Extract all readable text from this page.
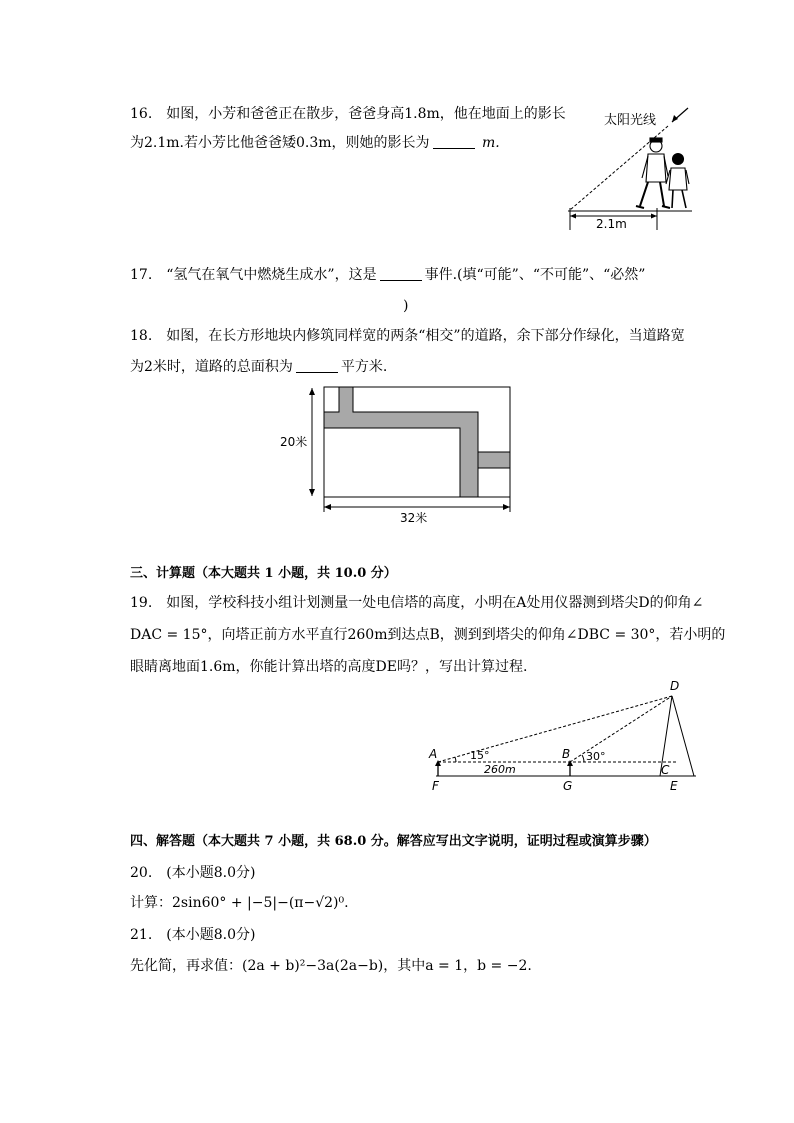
16.　如图，小芳和爸爸正在散步，爸爸身高1.8m，他在地面上的影长
为2.1m.若小芳比他爸爸矮0.3m，则她的影长为	m.
太阳光线
2.1m
17.　“氢气在氧气中燃烧生成水”，这是	事件.(填“可能”、“不可能”、“必然”
)
18.　如图，在长方形地块内修筑同样宽的两条“相交”的道路，余下部分作绿化，当道路宽
为2米时，道路的总面积为	平方米.
20米
32米
三、计算题（本大题共 1 小题，共 10.0 分）
19.　如图，学校科技小组计划测量一处电信塔的高度，小明在A处用仪器测到塔尖D的仰角∠
DAC = 15°，向塔正前方水平直行260m到达点B，测到到塔尖的仰角∠DBC = 30°，若小明的
眼睛离地面1.6m，你能计算出塔的高度DE吗？，写出计算过程.
D
A	B
C
F	G	E
15°	30°
260m
四、解答题（本大题共 7 小题，共 68.0 分。解答应写出文字说明，证明过程或演算步骤）
20.　(本小题8.0分)
计算：2sin60° + |−5|−(π−√2)⁰.
21.　(本小题8.0分)
先化简，再求值：(2a + b)²−3a(2a−b)，其中a = 1，b = −2.
